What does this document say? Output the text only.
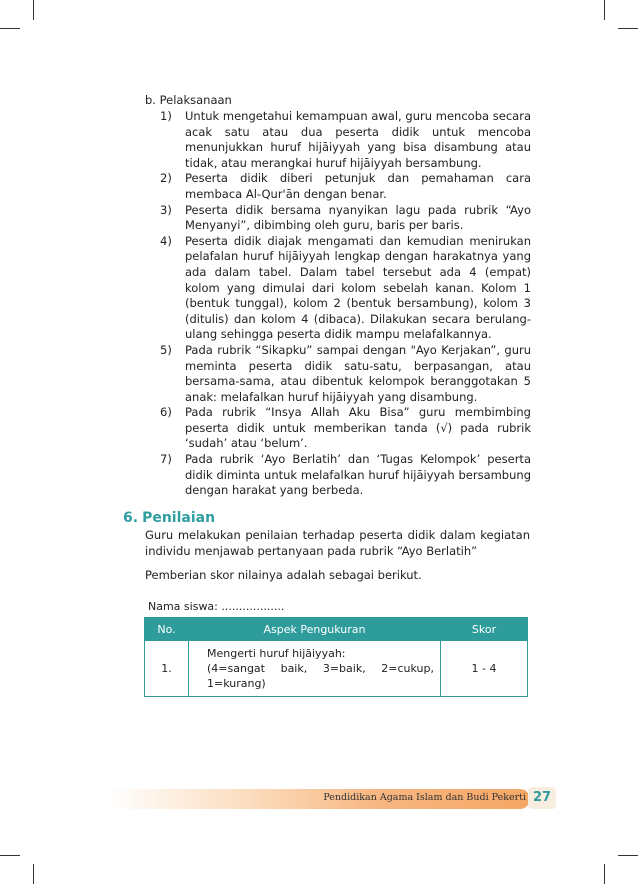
b. Pelaksanaan
1) Untuk mengetahui kemampuan awal, guru mencoba secara acak satu atau dua peserta didik untuk mencoba menunjukkan huruf hijāiyyah yang bisa disambung atau tidak, atau merangkai huruf hijāiyyah bersambung.
2) Peserta didik diberi petunjuk dan pemahaman cara membaca Al-Qur'ān dengan benar.
3) Peserta didik bersama nyanyikan lagu pada rubrik “Ayo Menyanyi”, dibimbing oleh guru, baris per baris.
4) Peserta didik diajak mengamati dan kemudian menirukan pelafalan huruf hijāiyyah lengkap dengan harakatnya yang ada dalam tabel. Dalam tabel tersebut ada 4 (empat) kolom yang dimulai dari kolom sebelah kanan. Kolom 1 (bentuk tunggal), kolom 2 (bentuk bersambung), kolom 3 (ditulis) dan kolom 4 (dibaca). Dilakukan secara berulang-ulang sehingga peserta didik mampu melafalkannya.
5) Pada rubrik “Sikapku” sampai dengan "Ayo Kerjakan”, guru meminta peserta didik satu-satu, berpasangan, atau bersama-sama, atau dibentuk kelompok beranggotakan 5 anak: melafalkan huruf hijāiyyah yang disambung.
6) Pada rubrik “Insya Allah Aku Bisa” guru membimbing peserta didik untuk memberikan tanda (√) pada rubrik ‘sudah’ atau ‘belum’.
7) Pada rubrik ‘Ayo Berlatih’ dan ‘Tugas Kelompok’ peserta didik diminta untuk melafalkan huruf hijāiyyah bersambung dengan harakat yang berbeda.
6. Penilaian
Guru melakukan penilaian terhadap peserta didik dalam kegiatan individu menjawab pertanyaan pada rubrik “Ayo Berlatih”
Pemberian skor nilainya adalah sebagai berikut.
Nama siswa: ..................
No.	Aspek Pengukuran	Skor
1.	Mengerti huruf hijāiyyah:
(4=sangat baik, 3=baik, 2=cukup, 1=kurang)	1 - 4
Pendidikan Agama Islam dan Budi Pekerti 27
